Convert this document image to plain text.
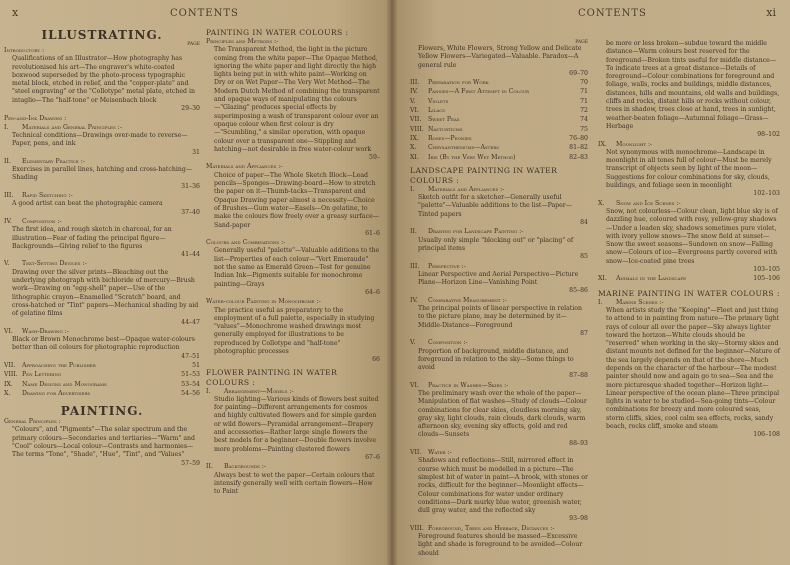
x	CONTENTS
ILLUSTRATING.
PAGE
Introductory :
Qualifications of an Illustrator—How photography has revolutionised his art—The engraver's white-coated boxwood superseded by the photo-process typographic metal block, etched in relief, and the "copper-plate" and "steel engraving" or the "Collotype" metal plate, etched in intaglio—The "half-tone" or Meisenbach block
29–30
Pen-and-Ink Drawing :
I. Materials and General Principles :-
Technical conditions—Drawings over-made to reverse—Paper, pens, and ink
31
II. Elementary Practice :-
Exercises in parallel lines, hatching and cross-hatching—Shading
31–36
III. Rapid Sketching :-
A good artist can beat the photographic camera
37–40
IV. Composition :-
The first idea, and rough sketch in charcoal, for an illustration—Fear of fading the principal figure—Backgrounds—Giving relief to the figures
41–44
V. Text-Setting Devices :-
Drawing over the silver prints—Bleaching out the underlying photograph with bichloride of mercury—Brush work—Drawing on "egg-shell" paper—Use of the lithographic crayon—Enamelled "Scratch" board, and cross-hatched or "Tint" papers—Mechanical shading by aid of gelatine films
44–47
VI. Wash-Drawing :-
Black or Brown Monochrome best—Opaque water-colours better than oil colours for photographic reproduction
47–51
VII. Approaching the Publisher	51
VIII. Pen Lettering	51–53
IX. Name Designs and Monograms	53–54
X. Drawing for Advertisers	54–56
PAINTING.
General Principles :
"Colours", and "Pigments"—The solar spectrum and the primary colours—Secondaries and tertiaries—"Warm" and "Cool" colours—Local colour—Contrasts and harmonies—The terms "Tone", "Shade", "Hue", "Tint", and "Values"
57–59
PAINTING IN WATER COLOURS :
Principles and Methods :-
The Transparent Method, the light in the picture coming from the white paper—The Opaque Method, ignoring the white paper and light directly the high lights being put in with white paint—Working on Dry or on Wet Paper—The Very Wet Method—The Modern Dutch Method of combining the transparent and opaque ways of manipulating the colours—"Glazing" produces special effects by superimposing a wash of transparent colour over an opaque colour when first colour is dry—"Scumbling," a similar operation, with opaque colour over a transparent one—Stippling and hatching—not desirable in free water-colour work
59–
Materials and Appliances :-
Choice of paper—The Whole Sketch Block—Lead pencils—Sponges—Drawing-board—How to stretch the paper on it—Thumb-tacks—Transparent and Opaque Drawing paper almost a necessity—Choice of Brushes—Gum water—Easels—On gelatine, to make the colours flow freely over a greasy surface—Sand-paper
61–6
Colours and Combinations :-
Generally useful "palette"—Valuable additions to the list—Properties of each colour—"Vert Emeraude" not the same as Emerald Green—Test for genuine Indian Ink—Pigments suitable for monochrome painting—Grays
64–6
Water-colour Painting in Monochrome :-
The practice useful as preparatory to the employment of a full palette, especially in studying "values"—Monochrome washed drawings most generally employed for illustrations to be reproduced by Collotype and "half-tone" photographic processes
66
FLOWER PAINTING IN WATER COLOURS :
I. Arrangement—Models :-
Studio lighting—Various kinds of flowers best suited for painting—Different arrangements for cosmos and highly cultivated flowers and for simple garden or wild flowers—Pyramidal arrangement—Drapery and accessories—Rather large single flowers the best models for a beginner—Double flowers involve more problems—Painting clustered flowers
67–6
II. Backgrounds :-
Always best to wet the paper—Certain colours that intensify generally well with certain flowers—How to Paint
CONTENTS	xi
PAGE
Flowers, White Flowers, Strong Yellow and Delicate Yellow Flowers—Variegated—Valuable. Paradox—A general rule
69–70
III. Preparation for Work	70
IV. Pansies—A First Attempt in Colour	71
V. Violets	71
VI. Lilacs	72
VII. Sweet Peas	74
VIII. Nasturtiums	75
IX. Roses—Peonies	76–80
X. Chrysanthemums—Asters	81–82
XI. Iris (By the Very Wet Method)	82–83
LANDSCAPE PAINTING IN WATER COLOURS :
I. Materials and Appliances :-
Sketch outfit for a sketcher—Generally useful "palette"—Valuable additions to the list—Paper—Tinted papers
84
II. Drawing for Landscape Painting :-
Usually only simple "blocking out" or "placing" of principal items
85
III. Perspective :-
Linear Perspective and Aerial Perspective—Picture Plane—Horizon Line—Vanishing Point
85–86
IV. Comparative Measurement :-
The principal points of linear perspective in relation to the picture plane, may be determined by it—Middle-Distance—Foreground
87
V. Composition :-
Proportion of background, middle distance, and foreground in relation to the sky—Some things to avoid
87–88
VI. Practice in Washes—Skies :-
The preliminary wash over the whole of the paper—Manipulation of flat washes—Study of clouds—Colour combinations for clear skies, cloudless morning sky, gray sky, light clouds, rain clouds, dark clouds, warm afternoon sky, evening sky effects, gold and red clouds—Sunsets
88–93
VII. Water :-
Shadows and reflections—Still, mirrored effect in course which must be modelled in a picture—The simplest bit of water in paint—A brook, with stones or rocks, difficult for the beginner—Moonlight effects—Colour combinations for water under ordinary conditions—Dark murky blue water, greenish water, dull gray water, and the reflected sky
93–98
VIII. Foreground, Trees and Herbage, Distances :-
Foreground features should be massed—Excessive light and shade is foreground to be avoided—Colour should
be more or less broken—subdue toward the middle distance—Warm colours best reserved for the foreground—Broken tints useful for middle distance—To indicate trees at a great distance—Details of foreground—Colour combinations for foreground and foliage, walls, rocks and buildings, middle distances, distances, hills and mountains, old walls and buildings, cliffs and rocks, distant hills or rocks without colour, trees in shadow, trees close at hand, trees in sunlight, weather-beaten foliage—Autumnal foliage—Grass—Herbage
98–102
IX. Moonlight :-
Not synonymous with monochrome—Landscape in moonlight in all tones full of colour—Must be merely transcript of objects seen by light of the moon—Suggestions for colour combinations for sky, clouds, buildings, and foliage seen in moonlight
102–103
X. Snow and Ice Scenes :-
Snow, not colourless—Colour clean, light blue sky is of dazzling hue, coloured with rosy, yellow-gray shadows—Under a leaden sky, shadows sometimes pure violet, with ivory yellow snows—The snow field at sunset—Snow the sweet seasons—Sundown on snow—Falling snow—Colours of ice—Evergreens partly covered with snow—Ice-coated pine trees
103–105
XI. Animals in the Landscape	105–106
MARINE PAINTING IN WATER COLOURS :
I. Marine Scenes :-
When artists study the "Keeping"—Fleet and just thing to attend to in painting from nature—The primary light rays of colour all over the paper—Sky always lighter toward the horizon—White clouds should be "reserved" when working in the sky—Stormy skies and distant mounts not defined for the beginner—Nature of the sea largely depends on that of the shore—Much depends on the character of the harbour—The modest painter should now and again go to sea—Sea and the more picturesque shaded together—Horizon light—Linear perspective of the ocean plane—Three principal lights in water to be studied—Sea-going tints—Colour combinations for breezy and more coloured seas, storm cliffs, skies, cool calm sea effects, rocks, sandy beach, rocks cliff, smoke and steam
106–108
